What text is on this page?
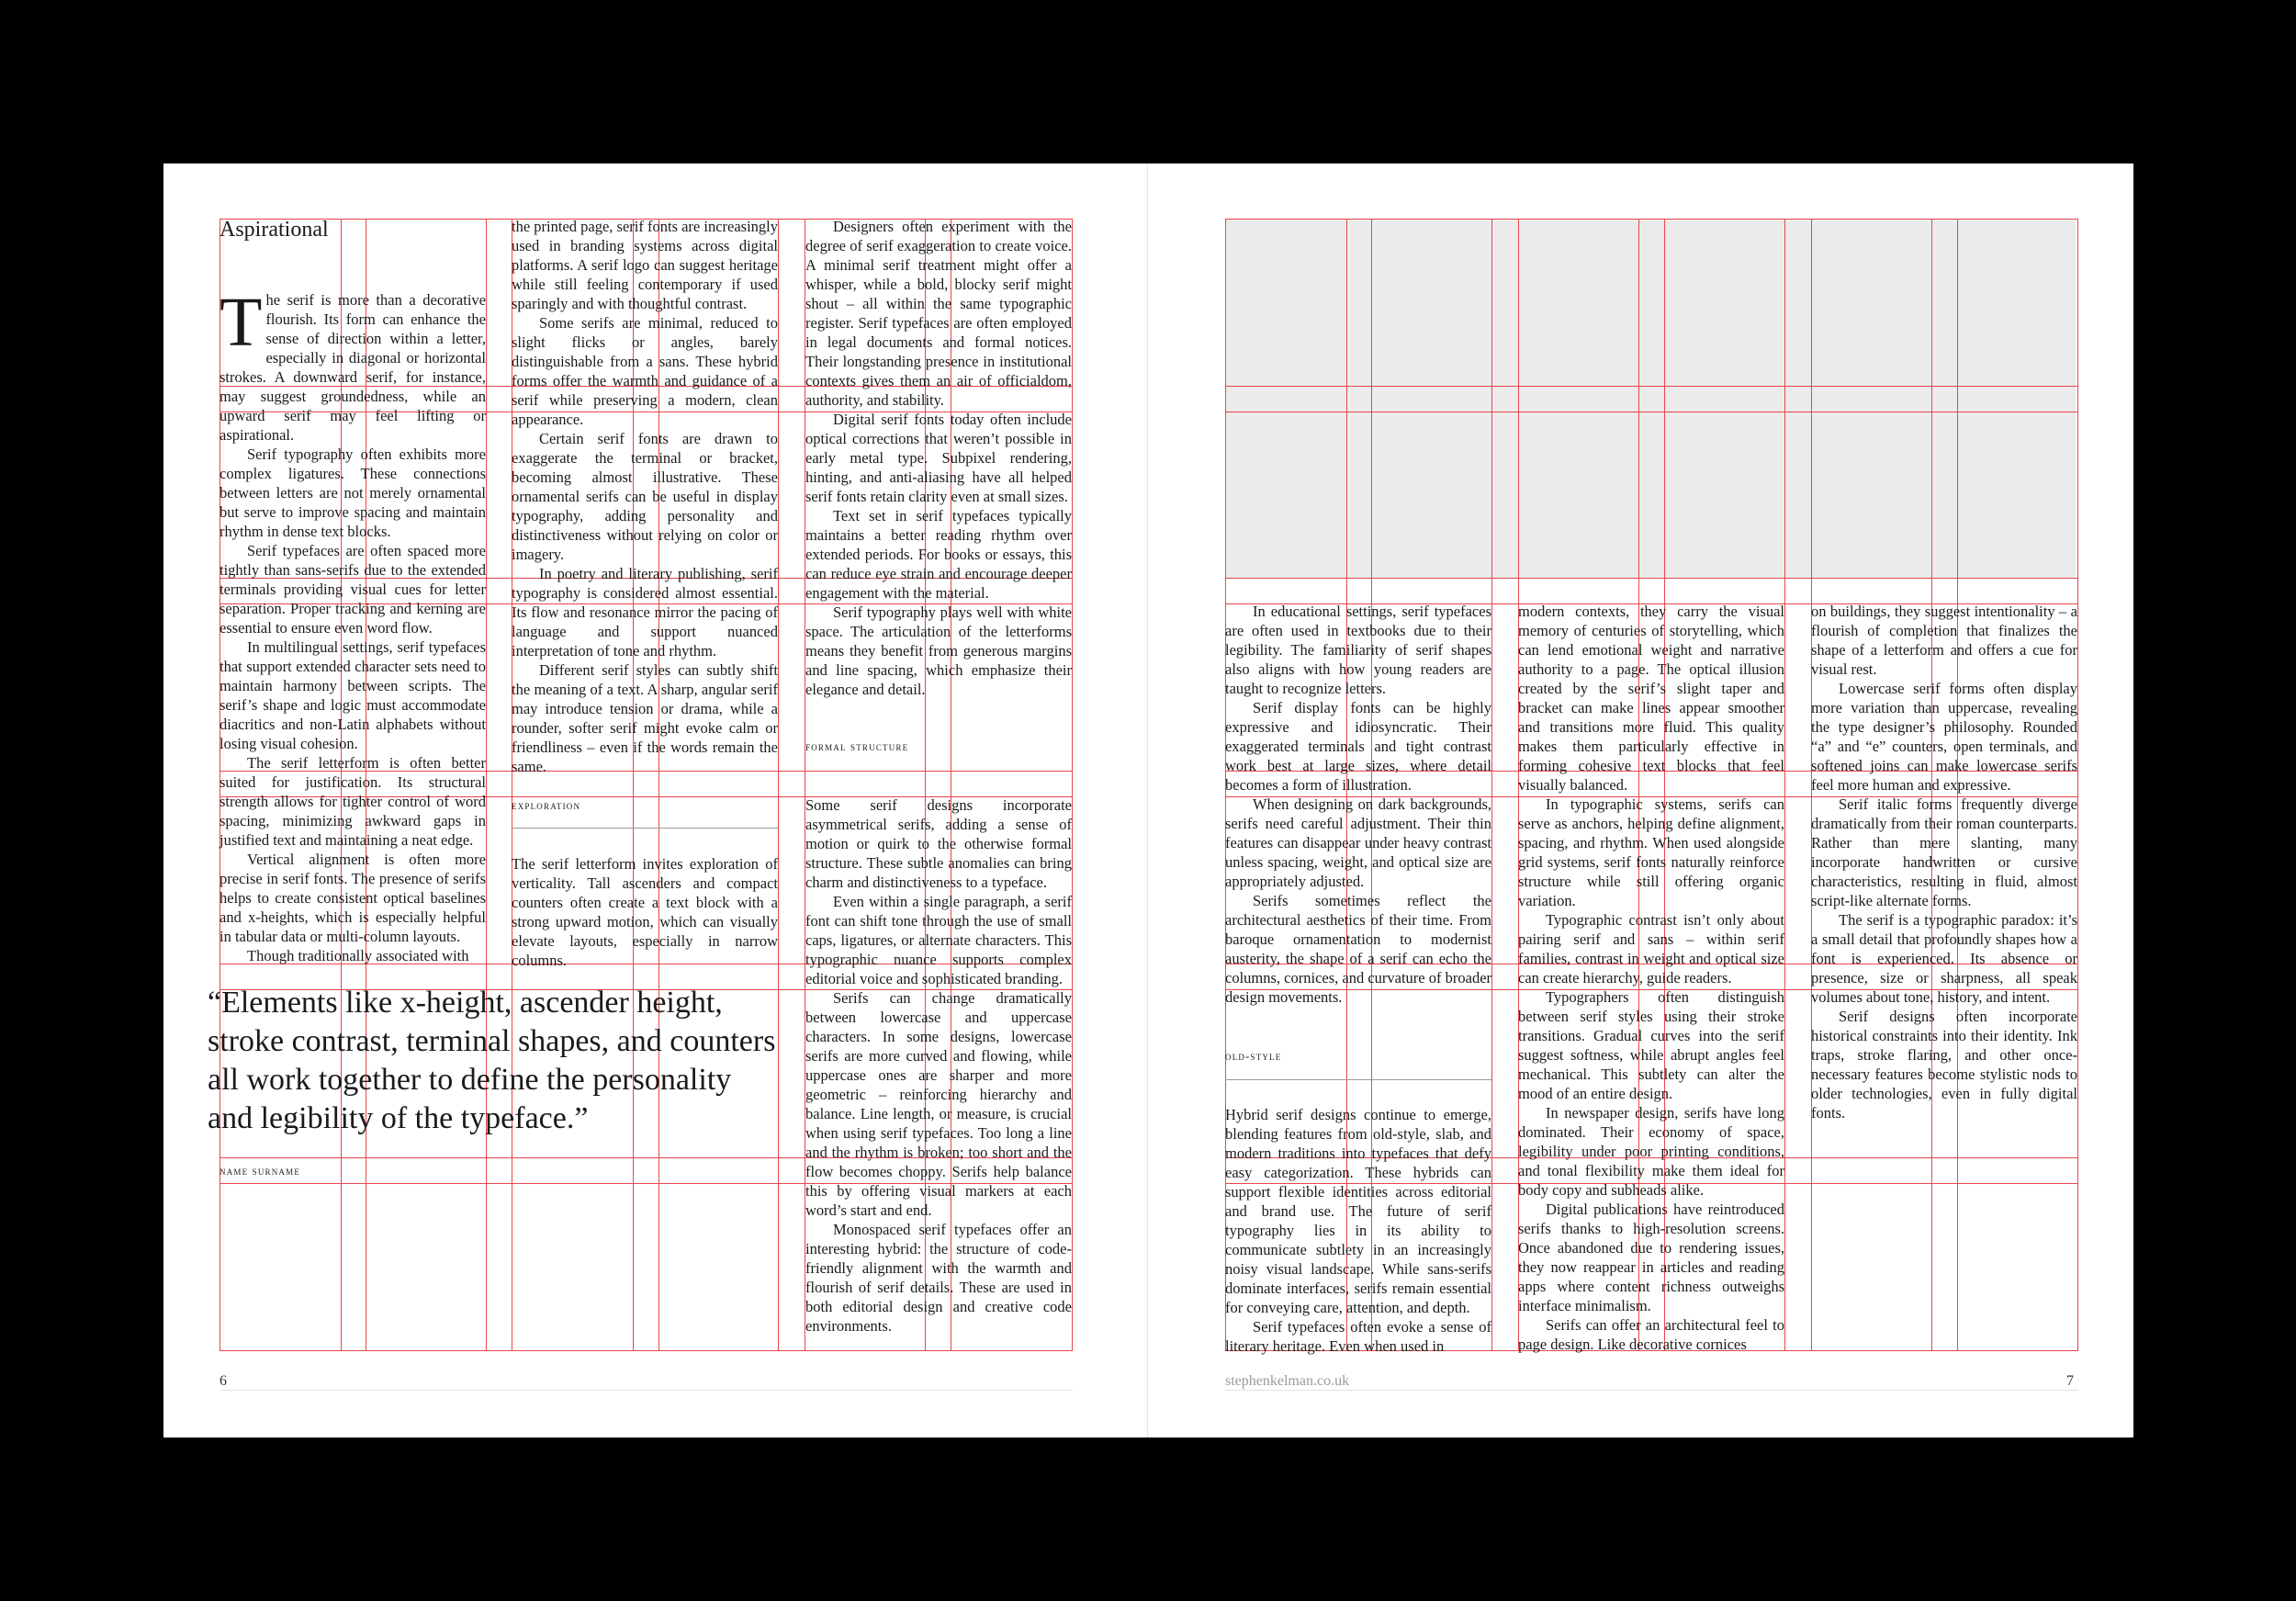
Aspirational
T he serif is more than a decorative flourish. Its form can enhance the sense of direction within a letter, especially in diagonal or horizontal strokes. A downward serif, for instance, may suggest groundedness, while an upward serif may feel lifting or aspirational.

Serif typography often exhibits more complex ligatures. These connections between letters are not merely ornamental but serve to improve spacing and maintain rhythm in dense text blocks.

Serif typefaces are often spaced more tightly than sans-serifs due to the extended terminals providing visual cues for letter separation. Proper tracking and kerning are essential to ensure even word flow.

In multilingual settings, serif typefaces that support extended character sets need to maintain harmony between scripts. The serif’s shape and logic must accommodate diacritics and non-Latin alphabets without losing visual cohesion.

The serif letterform is often better suited for justification. Its structural strength allows for tighter control of word spacing, minimizing awkward gaps in justified text and maintaining a neat edge.

Vertical alignment is often more precise in serif fonts. The presence of serifs helps to create consistent optical baselines and x-heights, which is especially helpful in tabular data or multi-column layouts.

Though traditionally associated with

the printed page, serif fonts are increasingly used in branding systems across digital platforms. A serif logo can suggest heritage while still feeling contemporary if used sparingly and with thoughtful contrast.

Some serifs are minimal, reduced to slight flicks or angles, barely distinguishable from a sans. These hybrid forms offer the warmth and guidance of a serif while preserving a modern, clean appearance.

Certain serif fonts are drawn to exaggerate the terminal or bracket, becoming almost illustrative. These ornamental serifs can be useful in display typography, adding personality and distinctiveness without relying on color or imagery.

In poetry and literary publishing, serif typography is considered almost essential. Its flow and resonance mirror the pacing of language and support nuanced interpretation of tone and rhythm.

Different serif styles can subtly shift the meaning of a text. A sharp, angular serif may introduce tension or drama, while a rounder, softer serif might evoke calm or friendliness – even if the words remain the same.

exploration

The serif letterform invites exploration of verticality. Tall ascenders and compact counters often create a text block with a strong upward motion, which can visually elevate layouts, especially in narrow columns.

Designers often experiment with the degree of serif exaggeration to create voice. A minimal serif treatment might offer a whisper, while a bold, blocky serif might shout – all within the same typographic register. Serif typefaces are often employed in legal documents and formal notices. Their longstanding presence in institutional contexts gives them an air of officialdom, authority, and stability.

Digital serif fonts today often include optical corrections that weren’t possible in early metal type. Subpixel rendering, hinting, and anti-aliasing have all helped serif fonts retain clarity even at small sizes.

Text set in serif typefaces typically maintains a better reading rhythm over extended periods. For books or essays, this can reduce eye strain and encourage deeper engagement with the material.

Serif typography plays well with white space. The articulation of the letterforms means they benefit from generous margins and line spacing, which emphasize their elegance and detail.

formal structure

Some serif designs incorporate asymmetrical serifs, adding a sense of motion or quirk to the otherwise formal structure. These subtle anomalies can bring charm and distinctiveness to a typeface.

Even within a single paragraph, a serif font can shift tone through the use of small caps, ligatures, or alternate characters. This typographic nuance supports complex editorial voice and sophisticated branding.

Serifs can change dramatically between lowercase and uppercase characters. In some designs, lowercase serifs are more curved and flowing, while uppercase ones are sharper and more geometric – reinforcing hierarchy and balance. Line length, or measure, is crucial when using serif typefaces. Too long a line and the rhythm is broken; too short and the flow becomes choppy. Serifs help balance this by offering visual markers at each word’s start and end.

Monospaced serif typefaces offer an interesting hybrid: the structure of code-friendly alignment with the warmth and flourish of serif details. These are used in both editorial design and creative code environments.

“Elements like x-height, ascender height, stroke contrast, terminal shapes, and counters all work together to define the personality and legibility of the typeface.”
name surname
6

In educational settings, serif typefaces are often used in textbooks due to their legibility. The familiarity of serif shapes also aligns with how young readers are taught to recognize letters.

Serif display fonts can be highly expressive and idiosyncratic. Their exaggerated terminals and tight contrast work best at large sizes, where detail becomes a form of illustration.

When designing on dark backgrounds, serifs need careful adjustment. Their thin features can disappear under heavy contrast unless spacing, weight, and optical size are appropriately adjusted.

Serifs sometimes reflect the architectural aesthetics of their time. From baroque ornamentation to modernist austerity, the shape of a serif can echo the columns, cornices, and curvature of broader design movements.

old-style

Hybrid serif designs continue to emerge, blending features from old-style, slab, and modern traditions into typefaces that defy easy categorization. These hybrids can support flexible identities across editorial and brand use. The future of serif typography lies in its ability to communicate subtlety in an increasingly noisy visual landscape. While sans-serifs dominate interfaces, serifs remain essential for conveying care, attention, and depth.

Serif typefaces often evoke a sense of literary heritage. Even when used in

modern contexts, they carry the visual memory of centuries of storytelling, which can lend emotional weight and narrative authority to a page. The optical illusion created by the serif’s slight taper and bracket can make lines appear smoother and transitions more fluid. This quality makes them particularly effective in forming cohesive text blocks that feel visually balanced.

In typographic systems, serifs can serve as anchors, helping define alignment, spacing, and rhythm. When used alongside grid systems, serif fonts naturally reinforce structure while still offering organic variation.

Typographic contrast isn’t only about pairing serif and sans – within serif families, contrast in weight and optical size can create hierarchy, guide readers.

Typographers often distinguish between serif styles using their stroke transitions. Gradual curves into the serif suggest softness, while abrupt angles feel mechanical. This subtlety can alter the mood of an entire design.

In newspaper design, serifs have long dominated. Their economy of space, legibility under poor printing conditions, and tonal flexibility make them ideal for body copy and subheads alike.

Digital publications have reintroduced serifs thanks to high-resolution screens. Once abandoned due to rendering issues, they now reappear in articles and reading apps where content richness outweighs interface minimalism.

Serifs can offer an architectural feel to page design. Like decorative cornices

on buildings, they suggest intentionality – a flourish of completion that finalizes the shape of a letterform and offers a cue for visual rest.

Lowercase serif forms often display more variation than uppercase, revealing the type designer’s philosophy. Rounded “a” and “e” counters, open terminals, and softened joins can make lowercase serifs feel more human and expressive.

Serif italic forms frequently diverge dramatically from their roman counterparts. Rather than mere slanting, many incorporate handwritten or cursive characteristics, resulting in fluid, almost script-like alternate forms.

The serif is a typographic paradox: it’s a small detail that profoundly shapes how a font is experienced. Its absence or presence, size or sharpness, all speak volumes about tone, history, and intent.

Serif designs often incorporate historical constraints into their identity. Ink traps, stroke flaring, and other once-necessary features become stylistic nods to older technologies, even in fully digital fonts.

stephenkelman.co.uk	7
